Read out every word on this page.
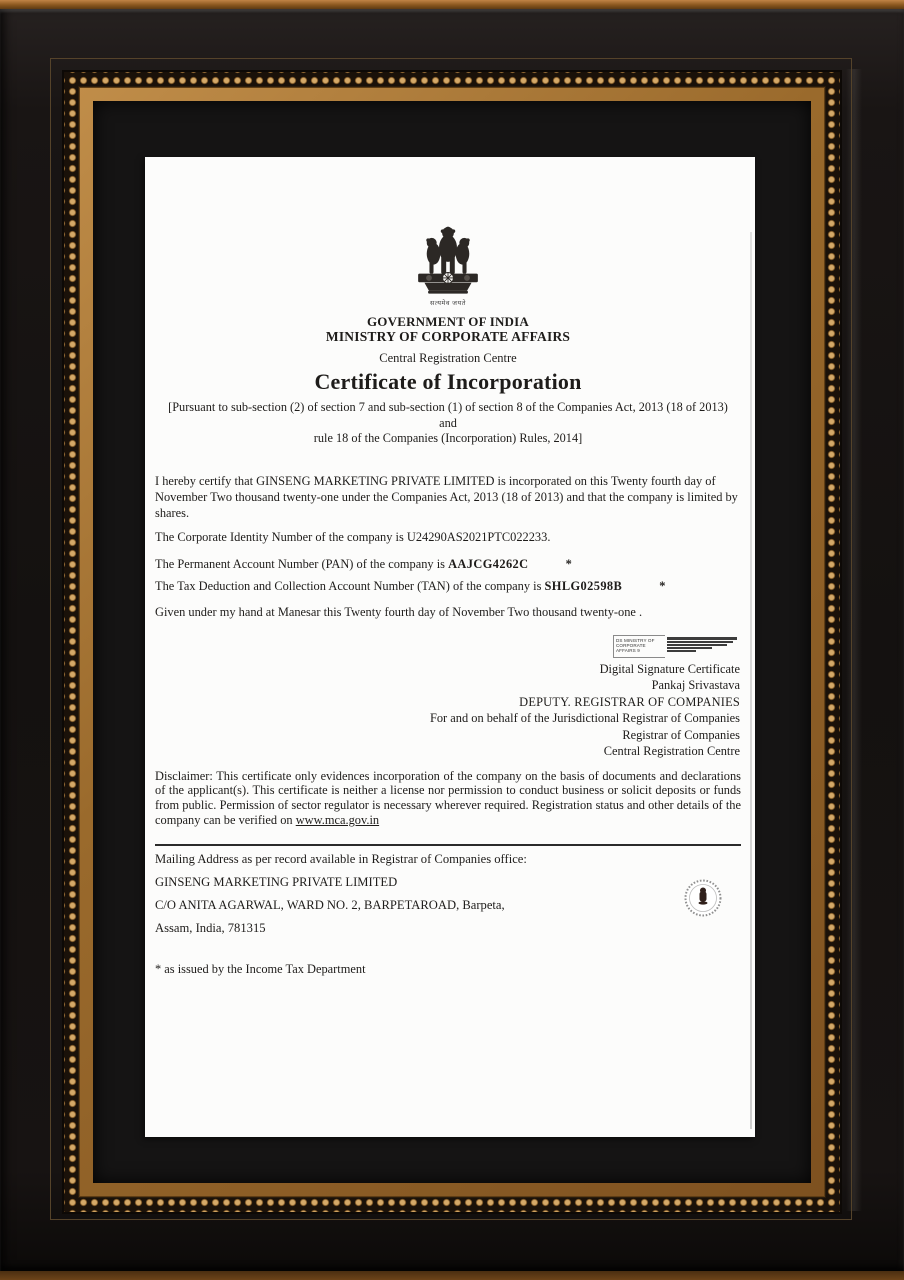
सत्यमेव जयते
GOVERNMENT OF INDIA
MINISTRY OF CORPORATE AFFAIRS
Central Registration Centre
Certificate of Incorporation
[Pursuant to sub-section (2) of section 7 and sub-section (1) of section 8 of the Companies Act, 2013 (18 of 2013) and
rule 18 of the Companies (Incorporation) Rules, 2014]
I hereby certify that GINSENG MARKETING PRIVATE LIMITED is incorporated on this Twenty fourth day of November Two thousand twenty-one under the Companies Act, 2013 (18 of 2013) and that the company is limited by shares.
The Corporate Identity Number of the company is U24290AS2021PTC022233.
The Permanent Account Number (PAN) of the company is AAJCG4262C	*
The Tax Deduction and Collection Account Number (TAN) of the company is SHLG02598B	*
Given under my hand at Manesar this Twenty fourth day of November Two thousand twenty-one .
DS MINISTRY OF
CORPORATE AFFAIRS 9
Digital Signature Certificate
Pankaj Srivastava
DEPUTY. REGISTRAR OF COMPANIES
For and on behalf of the Jurisdictional Registrar of Companies
Registrar of Companies
Central Registration Centre
Disclaimer: This certificate only evidences incorporation of the company on the basis of documents and declarations of the applicant(s). This certificate is neither a license nor permission to conduct business or solicit deposits or funds from public. Permission of sector regulator is necessary wherever required. Registration status and other details of the company can be verified on www.mca.gov.in
Mailing Address as per record available in Registrar of Companies office:
GINSENG MARKETING PRIVATE LIMITED
C/O ANITA AGARWAL, WARD NO. 2, BARPETAROAD, Barpeta,
Assam, India, 781315
* as issued by the Income Tax Department
